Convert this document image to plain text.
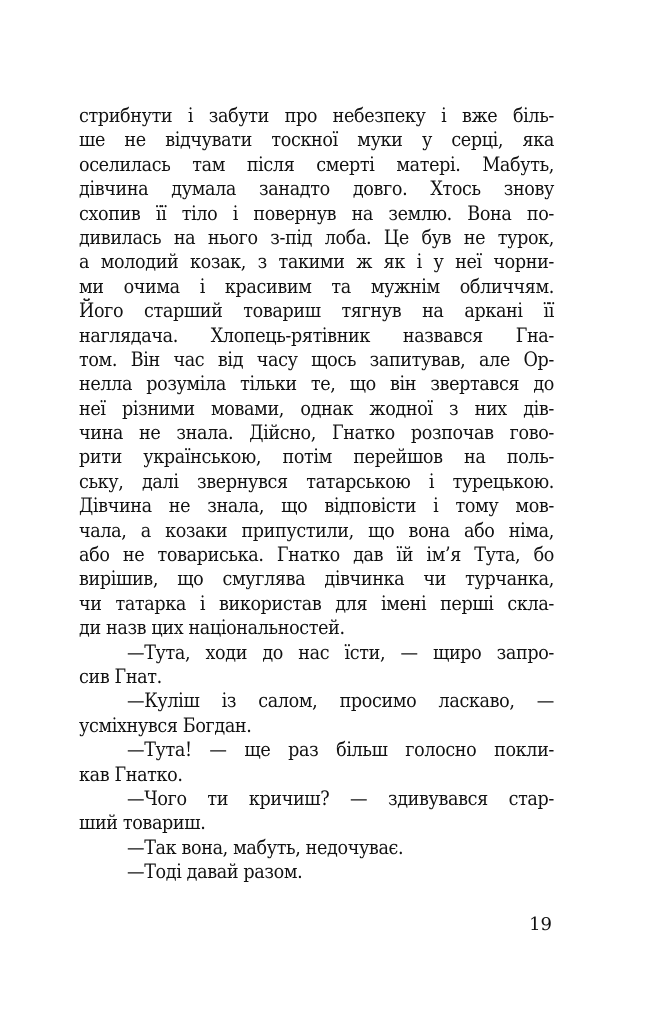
стрибнути і забути про небезпеку і вже біль-
ше не відчувати тоскної муки у серці, яка
оселилась там після смерті матері. Мабуть,
дівчина думала занадто довго. Хтось знову
схопив її тіло і повернув на землю. Вона по-
дивилась на нього з-під лоба. Це був не турок,
а молодий козак, з такими ж як і у неї чорни-
ми очима і красивим та мужнім обличчям.
Його старший товариш тягнув на аркані її
наглядача. Хлопець-рятівник назвався Гна-
том. Він час від часу щось запитував, але Ор-
нелла розуміла тільки те, що він звертався до
неї різними мовами, однак жодної з них дів-
чина не знала. Дійсно, Гнатко розпочав гово-
рити українською, потім перейшов на поль-
ську, далі звернувся татарською і турецькою.
Дівчина не знала, що відповісти і тому мов-
чала, а козаки припустили, що вона або німа,
або не товариська. Гнатко дав їй ім’я Тута, бо
вирішив, що смуглява дівчинка чи турчанка,
чи татарка і використав для імені перші скла-
ди назв цих національностей.
—Тута, ходи до нас їсти, — щиро запро-
сив Гнат.
—Куліш із салом, просимо ласкаво, —
усміхнувся Богдан.
—Тута! — ще раз більш голосно покли-
кав Гнатко.
—Чого ти кричиш? — здивувався стар-
ший товариш.
—Так вона, мабуть, недочуває.
—Тоді давай разом.
19
